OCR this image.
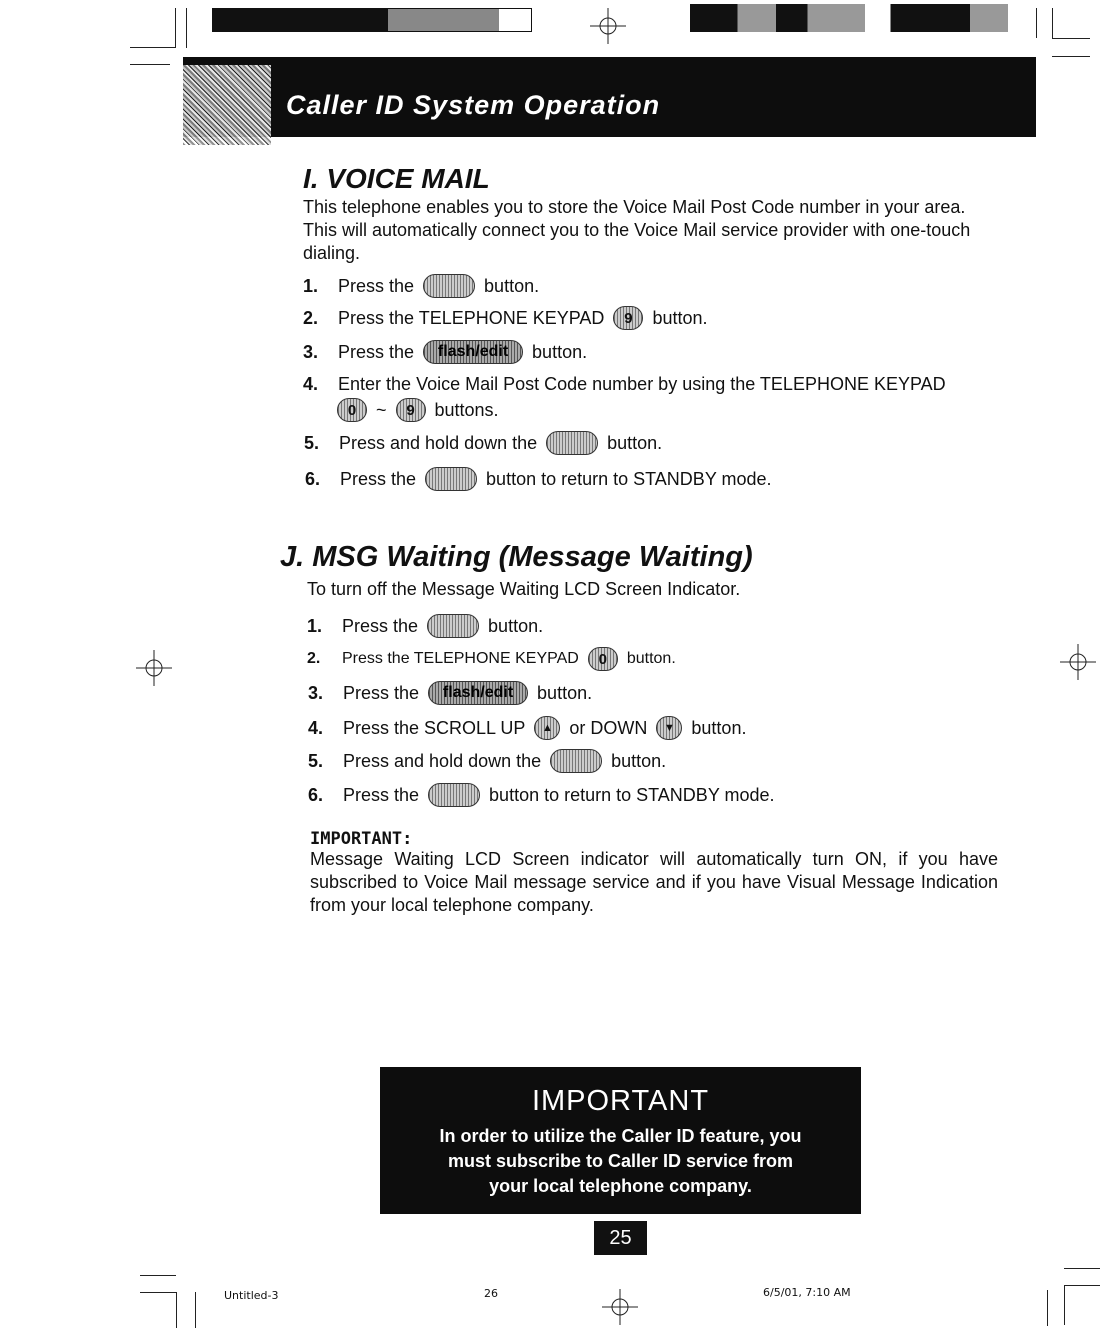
Caller ID System Operation
I. VOICE MAIL
This telephone enables you to store the Voice Mail Post Code number in your area. This will automatically connect you to the Voice Mail service provider with one-touch dialing.
1.	Press the	button.
2.	Press the TELEPHONE KEYPAD	9	button.
3.	Press the	flash/edit	button.
4. Enter the Voice Mail Post Code number by using the TELEPHONE KEYPAD
0	~	9	buttons.
5.	Press and hold down the	button.
6.	Press the	button to return to STANDBY mode.
J. MSG Waiting (Message Waiting)
To turn off the Message Waiting LCD Screen Indicator.
1.	Press the	button.
2.	Press the TELEPHONE KEYPAD	0	button.
3.	Press the	flash/edit	button.
4.	Press the SCROLL UP	▲ or DOWN	▼ button.
5.	Press and hold down the	button.
6.	Press the	button to return to STANDBY mode.
IMPORTANT:
Message Waiting LCD Screen indicator will automatically turn ON, if you have subscribed to Voice Mail message service and if you have Visual Message Indication from your local telephone company.
IMPORTANT
In order to utilize the Caller ID feature, you
must subscribe to Caller ID service from
your local telephone company.
25
Untitled-3	26	6/5/01, 7:10 AM
